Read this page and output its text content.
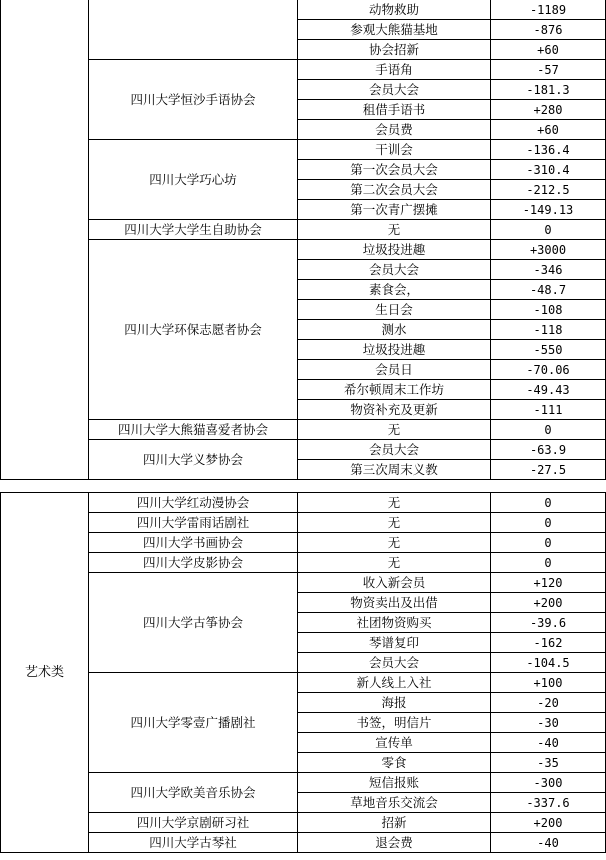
		动物救助	-1189
		参观大熊猫基地	-876
		协会招新	+60
	四川大学恒沙手语协会	手语角	-57
		会员大会	-181.3
		租借手语书	+280
		会员费	+60
	四川大学巧心坊	干训会	-136.4
		第一次会员大会	-310.4
		第二次会员大会	-212.5
		第一次青广摆摊	-149.13
	四川大学大学生自助协会	无	0
	四川大学环保志愿者协会	垃圾投进趣	+3000
		会员大会	-346
		素食会，	-48.7
		生日会	-108
		测水	-118
		垃圾投进趣	-550
		会员日	-70.06
		希尔顿周末工作坊	-49.43
		物资补充及更新	-111
	四川大学大熊猫喜爱者协会	无	0
	四川大学义梦协会	会员大会	-63.9
		第三次周末义教	-27.5
艺术类	四川大学红动漫协会	无	0
	四川大学雷雨话剧社	无	0
	四川大学书画协会	无	0
	四川大学皮影协会	无	0
	四川大学古筝协会	收入新会员	+120
		物资卖出及出借	+200
		社团物资购买	-39.6
		琴谱复印	-162
		会员大会	-104.5
	四川大学零壹广播剧社	新人线上入社	+100
		海报	-20
		书签，明信片	-30
		宣传单	-40
		零食	-35
	四川大学欧美音乐协会	短信报账	-300
		草地音乐交流会	-337.6
	四川大学京剧研习社	招新	+200
	四川大学古琴社	退会费	-40
